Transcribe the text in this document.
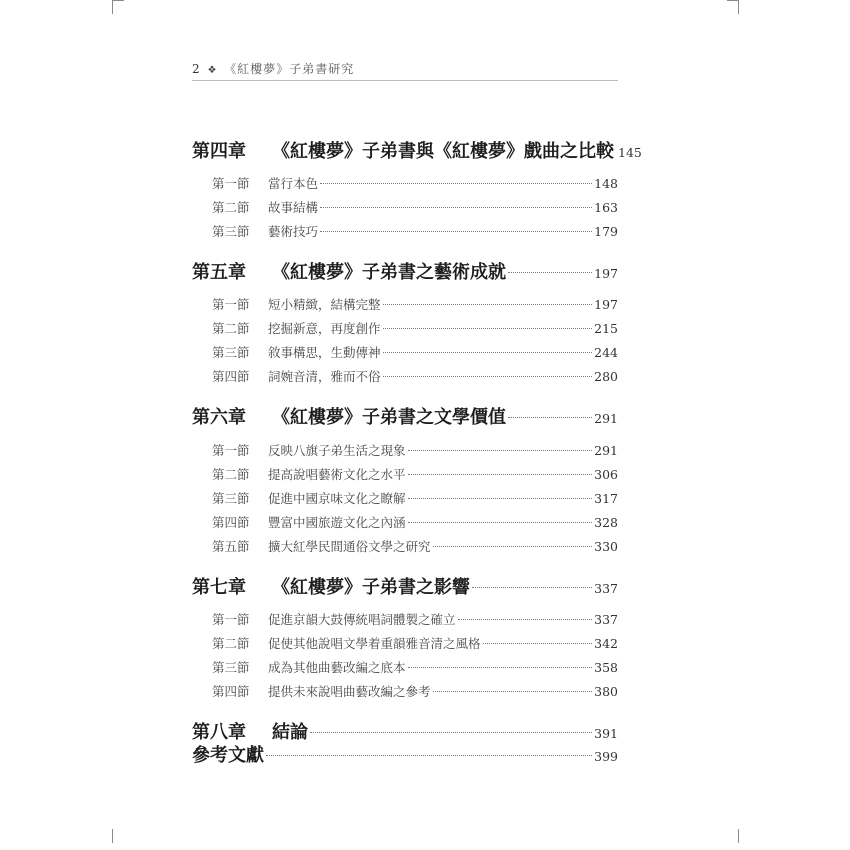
2 ❖ 《紅樓夢》子弟書研究
第四章	《紅樓夢》子弟書與《紅樓夢》戲曲之比較 145
第一節	當行本色	148
第二節	故事結構	163
第三節	藝術技巧	179
第五章	《紅樓夢》子弟書之藝術成就	197
第一節	短小精緻，結構完整	197
第二節	挖掘新意，再度創作	215
第三節	敘事構思，生動傳神	244
第四節	詞婉音清，雅而不俗	280
第六章	《紅樓夢》子弟書之文學價值	291
第一節	反映八旗子弟生活之現象	291
第二節	提高說唱藝術文化之水平	306
第三節	促進中國京味文化之瞭解	317
第四節	豐富中國旅遊文化之內涵	328
第五節	擴大紅學民間通俗文學之研究	330
第七章	《紅樓夢》子弟書之影響	337
第一節	促進京韻大鼓傳統唱詞體製之確立	337
第二節	促使其他說唱文學着重韻雅音清之風格	342
第三節	成為其他曲藝改編之底本	358
第四節	提供未來說唱曲藝改編之參考	380
第八章	結論	391
參考文獻	399
